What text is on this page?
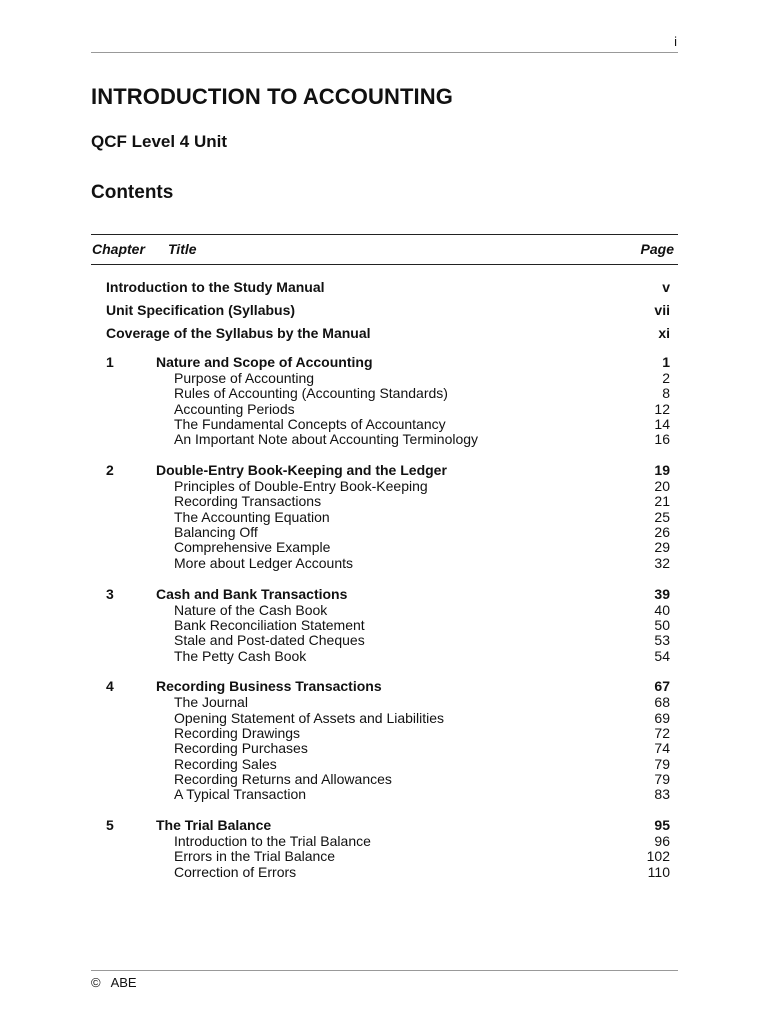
i
INTRODUCTION TO ACCOUNTING
QCF Level 4 Unit
Contents
Chapter Title	Page
Introduction to the Study Manual	v
Unit Specification (Syllabus)	vii
Coverage of the Syllabus by the Manual	xi
1	Nature and Scope of Accounting	1
Purpose of Accounting	2
Rules of Accounting (Accounting Standards)	8
Accounting Periods	12
The Fundamental Concepts of Accountancy	14
An Important Note about Accounting Terminology	16
2	Double-Entry Book-Keeping and the Ledger	19
Principles of Double-Entry Book-Keeping	20
Recording Transactions	21
The Accounting Equation	25
Balancing Off	26
Comprehensive Example	29
More about Ledger Accounts	32
3	Cash and Bank Transactions	39
Nature of the Cash Book	40
Bank Reconciliation Statement	50
Stale and Post-dated Cheques	53
The Petty Cash Book	54
4	Recording Business Transactions	67
The Journal	68
Opening Statement of Assets and Liabilities	69
Recording Drawings	72
Recording Purchases	74
Recording Sales	79
Recording Returns and Allowances	79
A Typical Transaction	83
5	The Trial Balance	95
Introduction to the Trial Balance	96
Errors in the Trial Balance	102
Correction of Errors	110
© ABE
